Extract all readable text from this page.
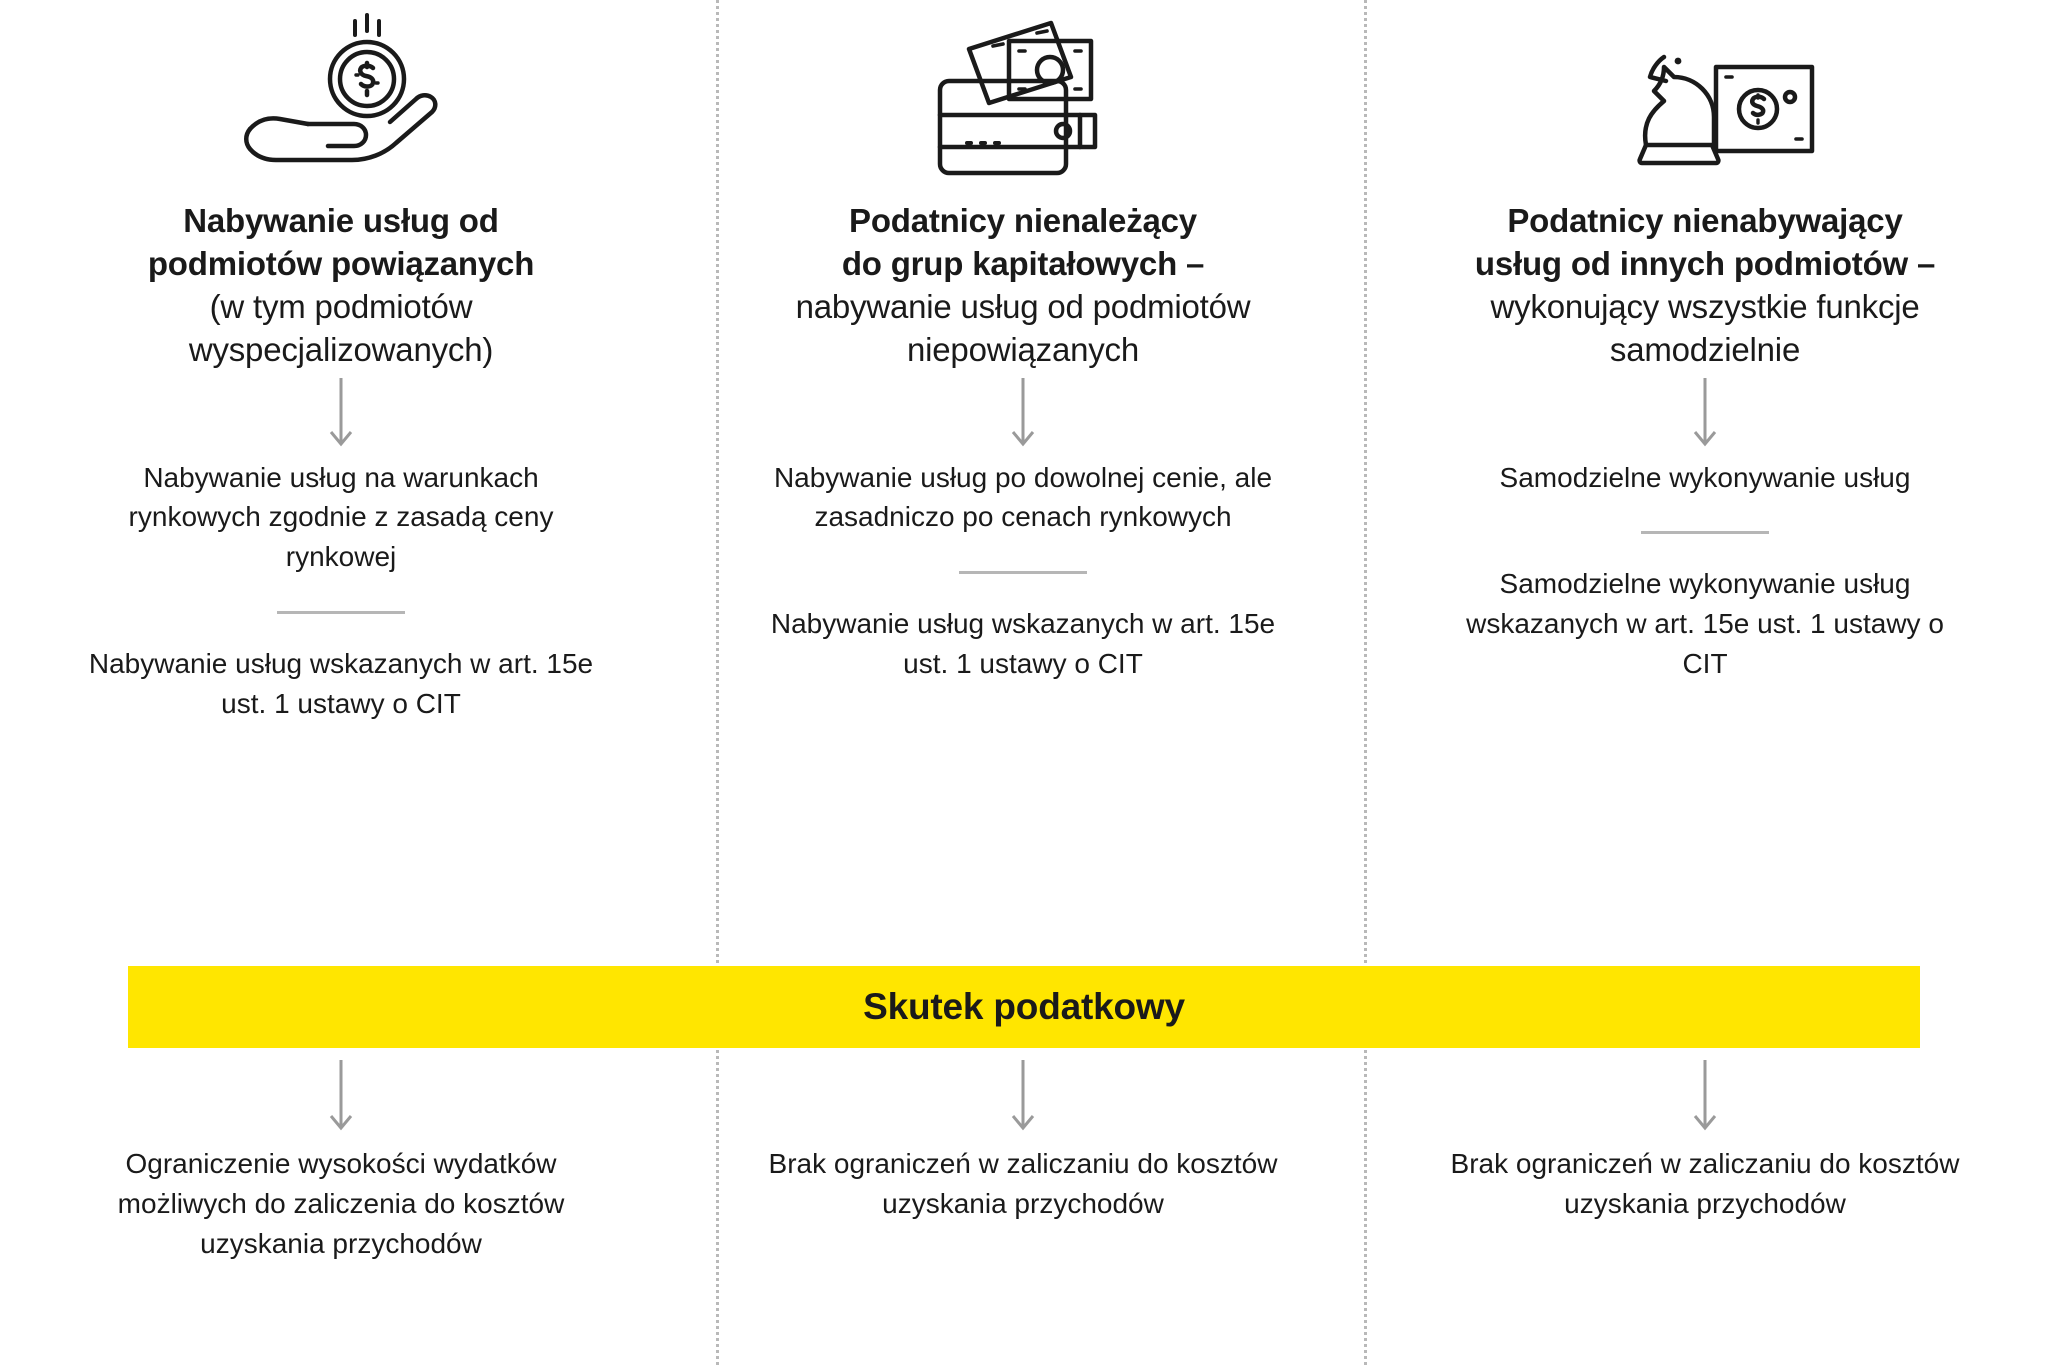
Nabywanie usług od
podmiotów powiązanych

(w tym podmiotów
wyspecjalizowanych)

Nabywanie usług na warunkach rynkowych zgodnie z zasadą ceny rynkowej

Nabywanie usług wskazanych w art. 15e ust. 1 ustawy o CIT

Podatnicy nienależący
do grup kapitałowych –

nabywanie usług od podmiotów
niepowiązanych

Nabywanie usług po dowolnej cenie, ale zasadniczo po cenach rynkowych

Nabywanie usług wskazanych w art. 15e ust. 1 ustawy o CIT

Podatnicy nienabywający
usług od innych podmiotów –

wykonujący wszystkie funkcje
samodzielnie

Samodzielne wykonywanie usług

Samodzielne wykonywanie usług wskazanych w art. 15e ust. 1 ustawy o CIT

Skutek podatkowy

Ograniczenie wysokości wydatków możliwych do zaliczenia do kosztów uzyskania przychodów

Brak ograniczeń w zaliczaniu do kosztów uzyskania przychodów

Brak ograniczeń w zaliczaniu do kosztów uzyskania przychodów
